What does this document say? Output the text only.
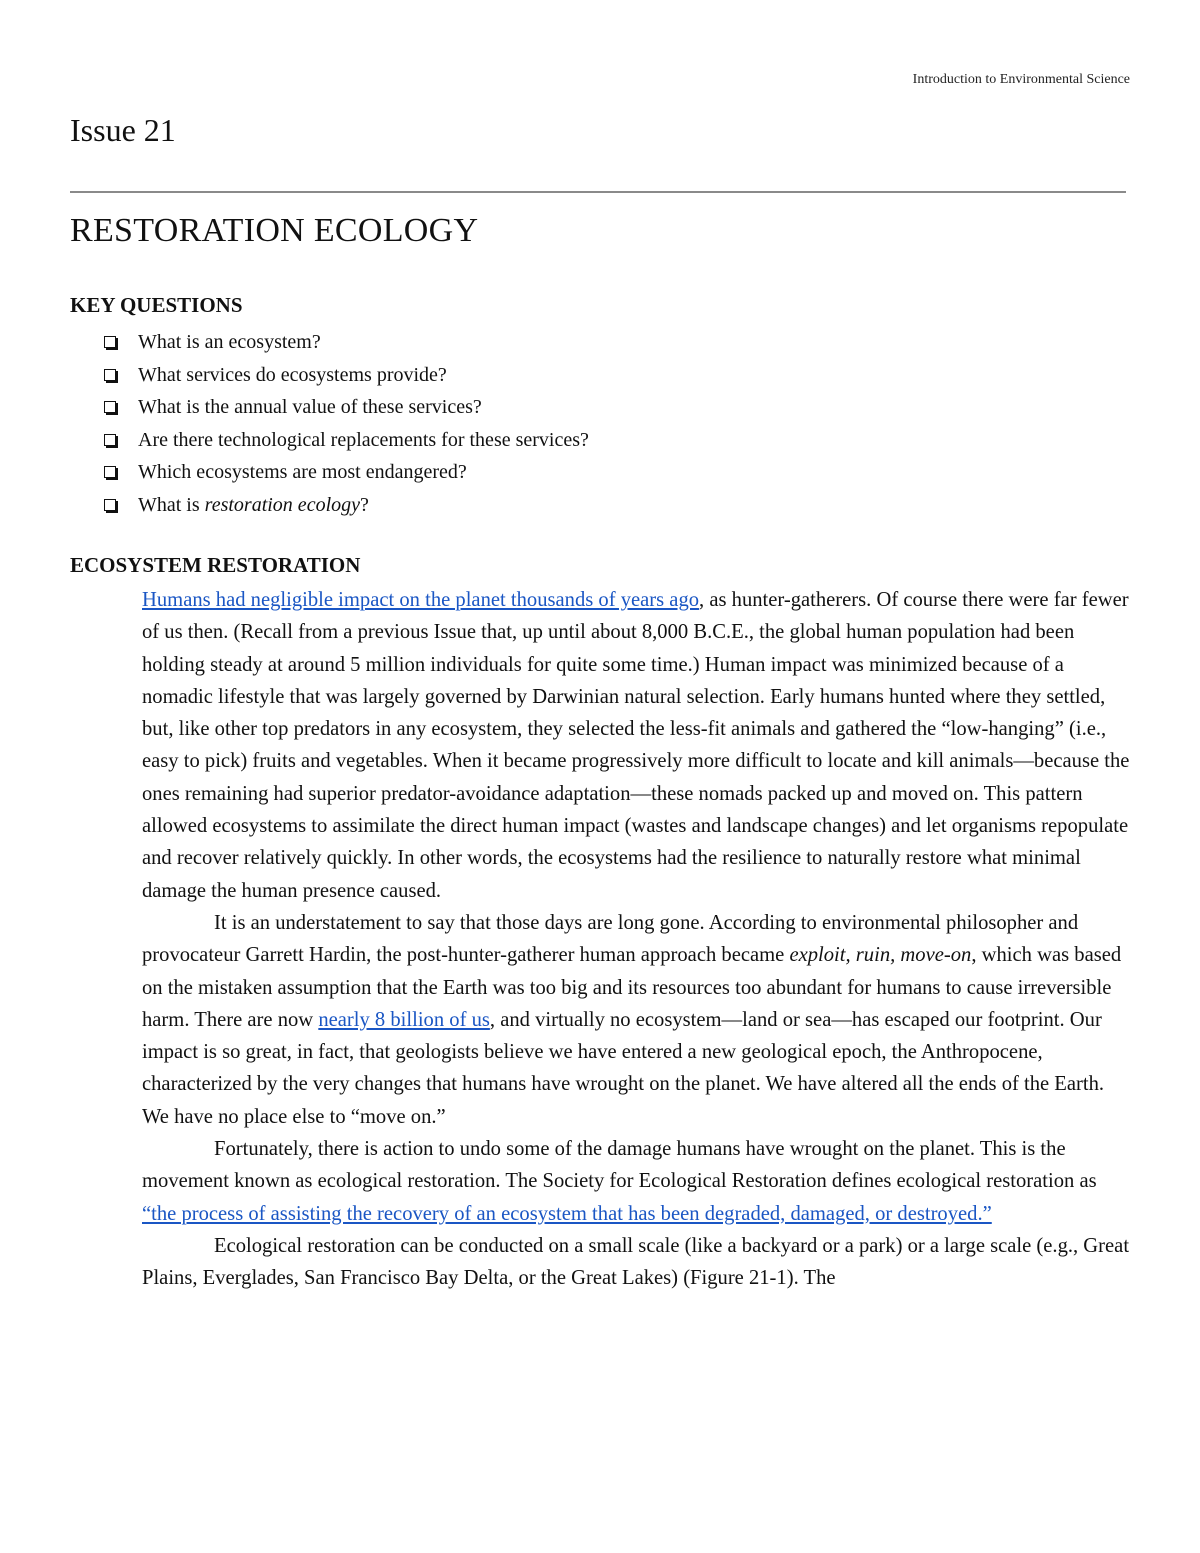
Introduction to Environmental Science
Issue 21
RESTORATION ECOLOGY
KEY QUESTIONS
What is an ecosystem?
What services do ecosystems provide?
What is the annual value of these services?
Are there technological replacements for these services?
Which ecosystems are most endangered?
What is restoration ecology?
ECOSYSTEM RESTORATION

Humans had negligible impact on the planet thousands of years ago, as hunter-gatherers. Of course there were far fewer of us then. (Recall from a previous Issue that, up until about 8,000 B.C.E., the global human population had been holding steady at around 5 million individuals for quite some time.) Human impact was minimized because of a nomadic lifestyle that was largely governed by Darwinian natural selection. Early humans hunted where they settled, but, like other top predators in any ecosystem, they selected the less-fit animals and gathered the “low-hanging” (i.e., easy to pick) fruits and vegetables. When it became progressively more difficult to locate and kill animals—because the ones remaining had superior predator-avoidance adaptation—these nomads packed up and moved on. This pattern allowed ecosystems to assimilate the direct human impact (wastes and landscape changes) and let organisms repopulate and recover relatively quickly. In other words, the ecosystems had the resilience to naturally restore what minimal damage the human presence caused.

It is an understatement to say that those days are long gone. According to environmental philosopher and provocateur Garrett Hardin, the post-hunter-gatherer human approach became exploit, ruin, move-on, which was based on the mistaken assumption that the Earth was too big and its resources too abundant for humans to cause irreversible harm. There are now nearly 8 billion of us, and virtually no ecosystem—land or sea—has escaped our footprint. Our impact is so great, in fact, that geologists believe we have entered a new geological epoch, the Anthropocene, characterized by the very changes that humans have wrought on the planet. We have altered all the ends of the Earth. We have no place else to “move on.”

Fortunately, there is action to undo some of the damage humans have wrought on the planet. This is the movement known as ecological restoration. The Society for Ecological Restoration defines ecological restoration as “the process of assisting the recovery of an ecosystem that has been degraded, damaged, or destroyed.”

Ecological restoration can be conducted on a small scale (like a backyard or a park) or a large scale (e.g., Great Plains, Everglades, San Francisco Bay Delta, or the Great Lakes) (Figure 21-1). The
